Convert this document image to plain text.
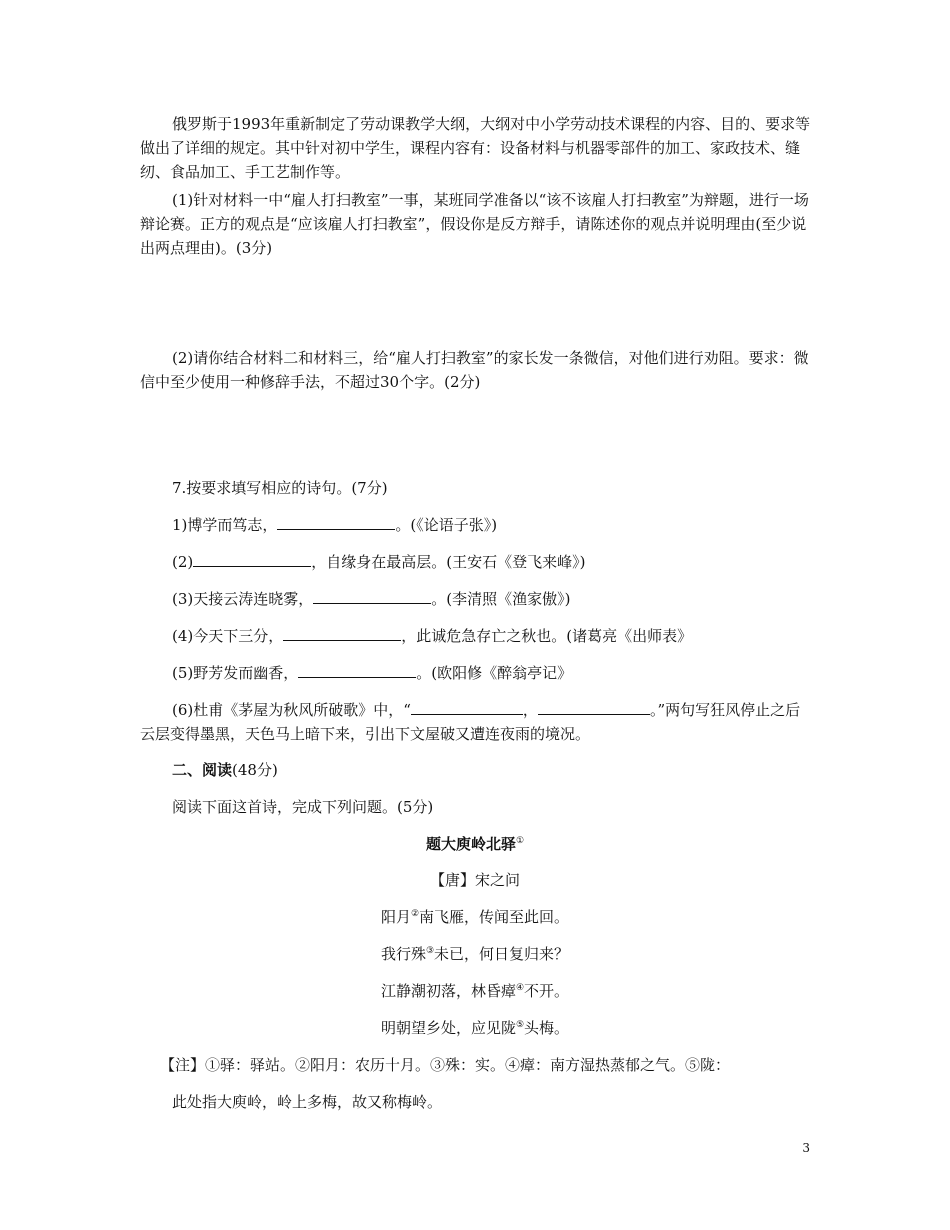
俄罗斯于1993年重新制定了劳动课教学大纲，大纲对中小学劳动技术课程的内容、目的、要求等做出了详细的规定。其中针对初中学生，课程内容有：设备材料与机器零部件的加工、家政技术、缝纫、食品加工、手工艺制作等。

(1)针对材料一中“雇人打扫教室”一事，某班同学准备以“该不该雇人打扫教室”为辩题，进行一场辩论赛。正方的观点是“应该雇人打扫教室”，假设你是反方辩手，请陈述你的观点并说明理由(至少说出两点理由)。(3分)

(2)请你结合材料二和材料三，给“雇人打扫教室”的家长发一条微信，对他们进行劝阻。要求：微信中至少使用一种修辞手法，不超过30个字。(2分)

7.按要求填写相应的诗句。(7分)
1)博学而笃志，	。(《论语子张》)
(2)	，自缘身在最高层。(王安石《登飞来峰》)
(3)天接云涛连晓雾，	。(李清照《渔家傲》)
(4)今天下三分，	，此诚危急存亡之秋也。(诸葛亮《出师表》
(5)野芳发而幽香，	。(欧阳修《醉翁亭记》

(6)杜甫《茅屋为秋风所破歌》中，“	，	。”两句写狂风停止之后云层变得墨黑，天色马上暗下来，引出下文屋破又遭连夜雨的境况。

二、阅读(48分)
阅读下面这首诗，完成下列问题。(5分)
题大庾岭北驿①
【唐】宋之问
阳月②南飞雁，传闻至此回。
我行殊③未已，何日复归来？
江静潮初落，林昏瘴④不开。
明朝望乡处，应见陇⑤头梅。
【注】①驿：驿站。②阳月：农历十月。③殊：实。④瘴：南方湿热蒸郁之气。⑤陇：
此处指大庾岭，岭上多梅，故又称梅岭。
3
